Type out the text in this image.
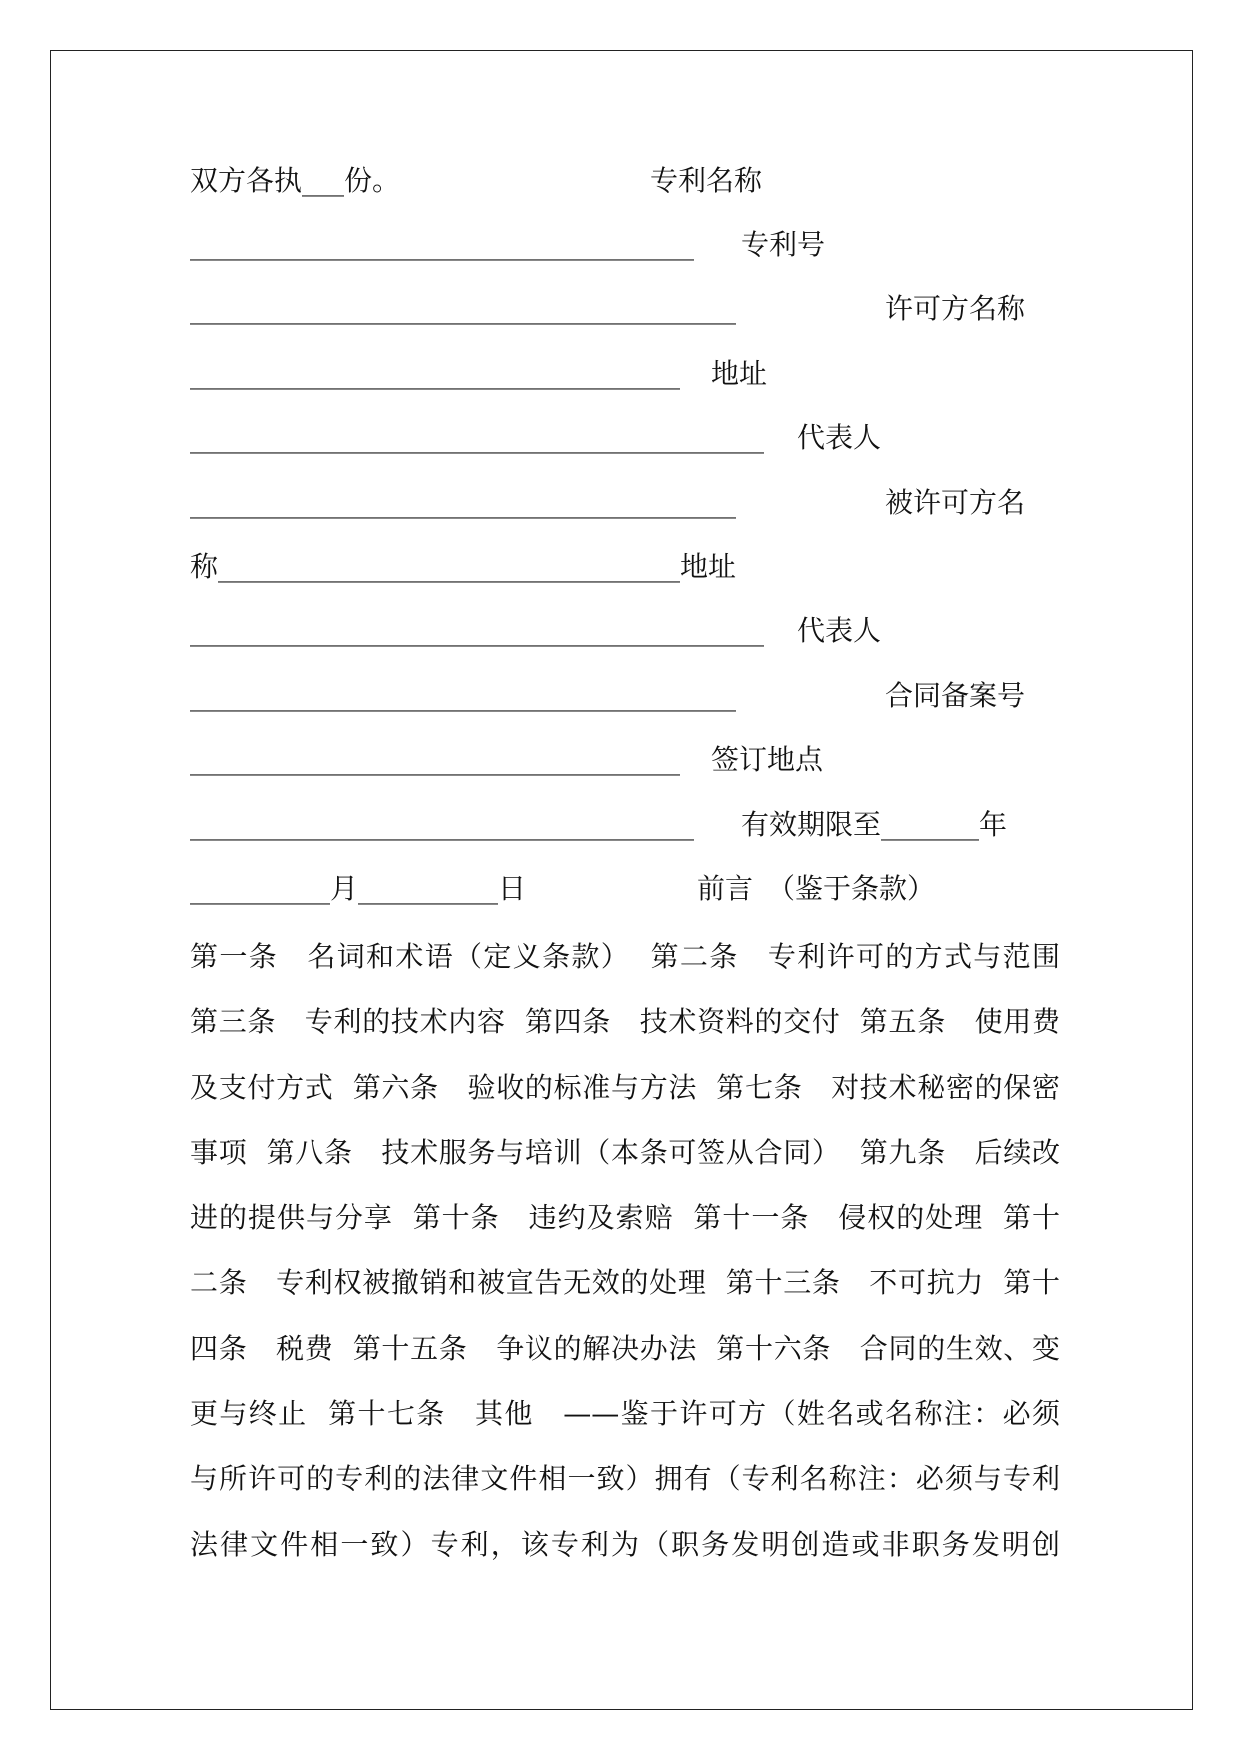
双方各执___份。	专利名称
____________________________________ 专利号
_______________________________________	许可方名称
___________________________________ 地址
_________________________________________ 代表人
_______________________________________	被许可方名
称_________________________________地址
_________________________________________ 代表人
_______________________________________	合同备案号
___________________________________ 签订地点
____________________________________ 有效期限至_______年
__________月__________日	前言　（鉴于条款）
第一条　名词和术语（定义条款）  第二条　专利许可的方式与范围
第三条　专利的技术内容  第四条　技术资料的交付  第五条　使用费
及支付方式  第六条　验收的标准与方法  第七条　对技术秘密的保密
事项  第八条　技术服务与培训（本条可签从合同）  第九条　后续改
进的提供与分享  第十条　违约及索赔  第十一条　侵权的处理  第十
二条　专利权被撤销和被宣告无效的处理  第十三条　不可抗力  第十
四条　税费  第十五条　争议的解决办法  第十六条　合同的生效、变
更与终止  第十七条　其他　——鉴于许可方（姓名或名称注：必须
与所许可的专利的法律文件相一致）拥有（专利名称注：必须与专利
法律文件相一致）专利，该专利为（职务发明创造或非职务发明创
